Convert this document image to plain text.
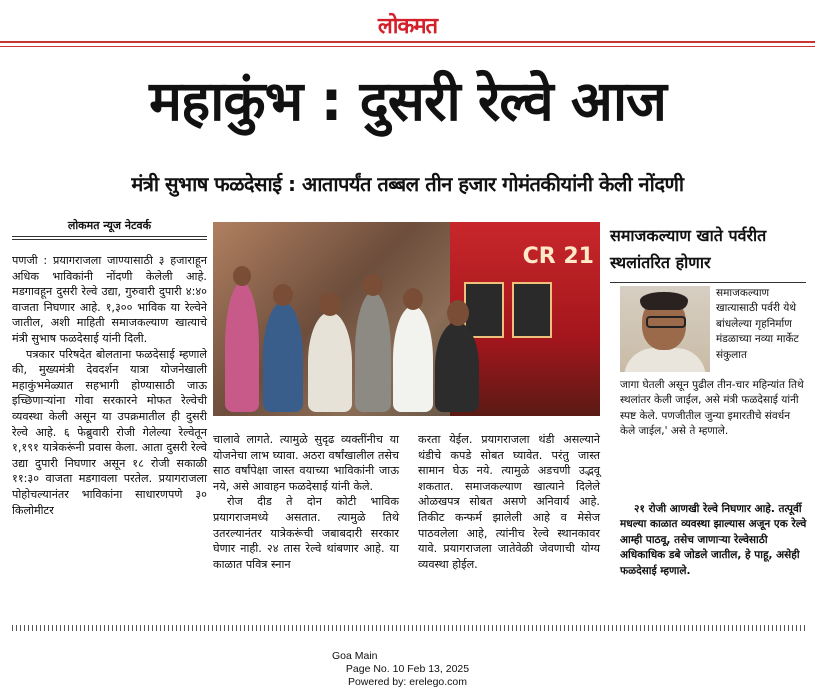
लोकमत
महाकुंभ : दुसरी रेल्वे आज
मंत्री सुभाष फळदेसाई : आतापर्यंत तब्बल तीन हजार गोमंतकीयांनी केली नोंदणी
लोकमत न्यूज नेटवर्क

पणजी : प्रयागराजला जाण्यासाठी ३ हजाराहून अधिक भाविकांनी नोंदणी केलेली आहे. मडगावहून दुसरी रेल्वे उद्या, गुरुवारी दुपारी ४:४० वाजता निघणार आहे. १,३०० भाविक या रेल्वेने जातील, अशी माहिती समाजकल्याण खात्याचे मंत्री सुभाष फळदेसाई यांनी दिली.

पत्रकार परिषदेत बोलताना फळदेसाई म्हणाले की, मुख्यमंत्री देवदर्शन यात्रा योजनेखाली महाकुंभमेळ्यात सहभागी होण्यासाठी जाऊ इच्छिणाऱ्यांना गोवा सरकारने मोफत रेल्वेची व्यवस्था केली असून या उपक्रमातील ही दुसरी रेल्वे आहे. ६ फेब्रुवारी रोजी गेलेल्या रेल्वेतून १,१९१ यात्रेकरूंनी प्रवास केला. आता दुसरी रेल्वे उद्या दुपारी निघणार असून १८ रोजी सकाळी ११:३० वाजता मडगावला परतेल. प्रयागराजला पोहोचल्यानंतर भाविकांना साधारणपणे ३० किलोमीटर

CR 21

चालावे लागते. त्यामुळे सुदृढ व्यक्तींनीच या योजनेचा लाभ घ्यावा. अठरा वर्षांखालील तसेच साठ वर्षांपेक्षा जास्त वयाच्या भाविकांनी जाऊ नये, असे आवाहन फळदेसाई यांनी केले.

रोज दीड ते दोन कोटी भाविक प्रयागराजमध्ये असतात. त्यामुळे तिथे उतरल्यानंतर यात्रेकरूंची जबाबदारी सरकार घेणार नाही. २४ तास रेल्वे थांबणार आहे. या काळात पवित्र स्नान

करता येईल. प्रयागराजला थंडी असल्याने थंडीचे कपडे सोबत घ्यावेत. परंतु जास्त सामान घेऊ नये. त्यामुळे अडचणी उद्भवू शकतात. समाजकल्याण खात्याने दिलेले ओळखपत्र सोबत असणे अनिवार्य आहे. तिकीट कन्फर्म झालेली आहे व मेसेज पाठवलेला आहे, त्यांनीच रेल्वे स्थानकावर यावे. प्रयागराजला जातेवेळी जेवणाची योग्य व्यवस्था होईल.

समाजकल्याण खाते पर्वरीत स्थलांतरित होणार
समाजकल्याण खात्यासाठी पर्वरी येथे बांधलेल्या गृहनिर्माण मंडळाच्या नव्या मार्केट संकुलात
जागा घेतली असून पुढील तीन-चार महिन्यांत तिथे स्थलांतर केली जाईल, असे मंत्री फळदेसाई यांनी स्पष्ट केले. पणजीतील जुन्या इमारतीचे संवर्धन केले जाईल,' असे ते म्हणाले.
२१ रोजी आणखी रेल्वे निघणार आहे. तत्पूर्वी मधल्या काळात व्यवस्था झाल्यास अजून एक रेल्वे आम्ही पाठवू, तसेच जाणाऱ्या रेल्वेसाठी अधिकाधिक डबे जोडले जातील, हे पाहू, असेही फळदेसाई म्हणाले.
Goa Main
Page No. 10 Feb 13, 2025
Powered by: erelego.com
